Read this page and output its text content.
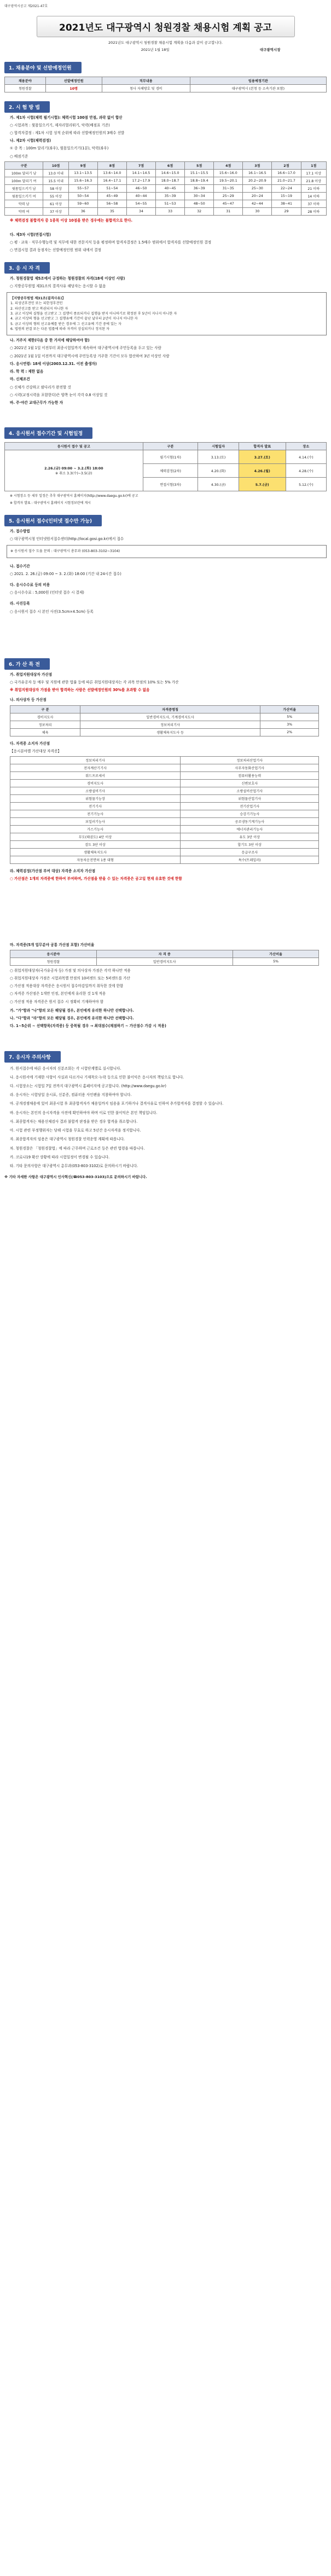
대구광역시공고 제2021-47호
2021년도 대구광역시 청원경찰 채용시험 계획 공고
2021년도 대구광역시 청원경찰 채용시험 계획을 다음과 같이 공고합니다.
2021년 1월 18일	대구광역시장
1. 채용분야 및 선발예정인원
채용분야	선발예정인원	직무내용	임용예정기관
청원경찰	10명	청사 자체방호 및 경비	대구광역시 (본청 등 소속기관 포함)
2. 시 험 방 법
가. 제1차 시험(체력 필기시험): 체력시험 100점 만점, 과락 없이 합산
○ 시험과목 : 윗몸일으키기, 제자리멀리뛰기, 악력(배점표 기준)
○ 합격자결정 : 제1차 시험 성적 순위에 따라 선발예정인원의 3배수 선발
나. 제2차 시험(체력검정)
① 종 목 : 100m 달리기(좌우), 윗몸일으키기(1분), 악력(좌우)
○ 배점기준
구분	10점	9점	8점	7점	6점	5점	4점	3점	2점	1점
100m 달리기 남	13.0 이내	13.1~13.5	13.6~14.0	14.1~14.5	14.6~15.0	15.1~15.5	15.6~16.0	16.1~16.5	16.6~17.0	17.1 이상
100m 달리기 여	15.5 이내	15.6~16.3	16.4~17.1	17.2~17.9	18.0~18.7	18.8~19.4	19.5~20.1	20.2~20.9	21.0~21.7	21.8 이상
윗몸일으키기 남	58 이상	55~57	51~54	46~50	40~45	36~39	31~35	25~30	22~24	21 이하
윗몸일으키기 여	55 이상	50~54	45~49	40~44	35~39	30~34	25~29	20~24	15~19	14 이하
악력 남	61 이상	59~60	56~58	54~55	51~53	48~50	45~47	42~44	38~41	37 이하
악력 여	37 이상	36	35	34	33	32	31	30	29	28 이하
※ 체력검정 불합격자 중 1종목 이상 10점을 받은 경우에는 불합격으로 한다.
다. 제3차 시험(면접시험)
○ 평 · 교육 · 직무수행능력 및 직무에 대한 전문지식 등을 평정하며 합격자결정은 1.5배수 범위에서 합격자를 선발예정인원 결정
○ 면접시험 결과 동점자는 선발예정인원 범위 내에서 결정
3. 응 시 자 격
가. 청원경찰법 제5조에서 규정하는 청원경찰의 자격(18세 이상인 사람)
○ 지방공무원법 제31조의 결격사유 해당자는 응시할 수 없음
【지방공무원법 제31조(결격사유)】
1. 피성년후견인 또는 피한정후견인
2. 파산선고를 받고 복권되지 아니한 자
3. 금고 이상의 실형을 선고받고 그 집행이 종료되거나 집행을 받지 아니하기로 확정된 후 5년이 지나지 아니한 자
4. 금고 이상의 형을 선고받고 그 집행유예 기간이 끝난 날부터 2년이 지나지 아니한 자
5. 금고 이상의 형의 선고유예를 받은 경우에 그 선고유예 기간 중에 있는 자
6. 법원의 판결 또는 다른 법률에 따라 자격이 상실되거나 정지된 자
나. 거주지 제한(다음 중 한 가지에 해당하여야 함)
○ 2021년 1월 1일 이전부터 최종시험일까지 계속하여 대구광역시에 주민등록을 두고 있는 사람
○ 2021년 1월 1일 이전까지 대구광역시에 주민등록상 거주한 기간이 모두 합산하여 3년 이상인 사람
다. 응시연령: 18세 이상(2003.12.31. 이전 출생자)
라. 학 력 : 제한 없음
마. 신체조건
○ 신체가 건강하고 팔다리가 완전할 것
○ 시력(교정시력을 포함한다)은 양쪽 눈이 각각 0.8 이상일 것
바. 주·야간 교대근무가 가능한 자
4. 응시원서 접수기간 및 시험일정
응시원서 접수 및 공고	구분	시험일자	합격자 발표	장소

2.26.(금) 09:00 ~ 3.2.(화) 18:00
※ 취소 3.3(수)~3.5(금)	필기시험(1차)	3.13.(토)	3.27.(토)	4.14.(수)
	체력검정(2차)	4.20.(화)	4.26.(월)	4.28.(수)
	면접시험(3차)	4.30.(금)	5.7.(금)	5.12.(수)
※ 시험장소 등 세부 일정은 추후 대구광역시 홈페이지(http://www.daegu.go.kr)에 공고
※ 합격자 발표 : 대구광역시 홈페이지 시험정보란에 게시
5. 응시원서 접수(인터넷 접수만 가능)
가. 접수방법
○ 대구광역시청 인터넷원서접수센터(http://local.gosi.go.kr)에서 접수
※ 응시원서 접수 도움 문의 : 대구광역시 총무과 (053-803-3102~3104)
나. 접수기간
○ 2021. 2. 26.(금) 09:00 ~ 3. 2.(화) 18:00 (기간 내 24시간 접수)
다. 응시수수료 등의 비용
○ 응시수수료 : 5,000원 (인터넷 접수 시 결제)
라. 사진등록
○ 응시원서 접수 시 본인 사진(3.5cm×4.5cm) 등록
6. 가 산 특 전
가. 취업지원대상자 가산점
○ 국가유공자 등 예우 및 지원에 관한 법률 등에 따른 취업지원대상자는 각 과목 만점의 10% 또는 5% 가산
※ 취업지원대상자 가점을 받아 합격하는 사람은 선발예정인원의 30%를 초과할 수 없음
나. 의사상자 등 가산점
구 분	자격증명칭	가산비율
경비지도사	일반경비지도사, 기계경비지도사	5%
정보처리	정보처리기사	3%
체육	생활체육지도사 등	2%
다. 자격증 소지자 가산점
【응시분야별 가산대상 자격증】
정보처리기사	정보처리산업기사
전자계산기기사	사무자동화산업기사
워드프로세서	컴퓨터활용능력
경비지도사	신변보호사
소방설비기사	소방설비산업기사
위험물기능장	위험물산업기사
전기기사	전기산업기사
전기기능사	승강기기능사
보일러기능사	공조냉동기계기능사
가스기능사	에너지관리기능사
무도(태권도) 4단 이상	유도 3단 이상
검도 3단 이상	합기도 3단 이상
생활체육지도사	응급구조사
자동차운전면허 1종 대형	특수(트레일러)
라. 체력검정(가산점 부여 대상) 자격증 소지자 가산점
○ 가산점은 1개의 자격증에 한하여 부여하며, 가산점을 받을 수 있는 자격증은 공고일 현재 유효한 것에 한함
마. 자격증(5개 업무분야 공통 가산점 포함) 가산비율
응시분야	자 격 증	가산비율
청원경찰	일반경비지도사	5%
○ 취업지원대상자(국가유공자 등) 가점 및 의사상자 가점은 각각 하나만 적용
○ 취업지원대상자 가점은 시험과목별 만점의 10퍼센트 또는 5퍼센트를 가산
○ 가산점 적용대상 자격증은 응시원서 접수마감일까지 취득한 것에 한함
○ 자격증 가산점은 1개만 인정, 본인에게 유리한 것 1개 적용
○ 가산점 적용 자격증은 원서 접수 시 정확히 기재하여야 함
가. "가"항과 "나"항의 모든 해당될 경우, 본인에게 유리한 하나만 선택합니다.
나. "다"항과 "라"항의 모든 해당될 경우, 본인에게 유리한 하나만 선택합니다.
다. 1~5순위 ~ 선택항목(자격증) 등 중복될 경우 → 최대점수(채점하기 ~ 가산점수 가감 시 적용)
7. 응시자 주의사항
가. 원서접수에 따른 응시자의 신분조회는 각 시험단계별로 실시합니다.
나. 응시원서에 기재한 사항이 사실과 다르거나 기재착오·누락 등으로 인한 불이익은 응시자의 책임으로 합니다.
다. 시험장소는 시험일 7일 전까지 대구광역시 홈페이지에 공고합니다. (http://www.daegu.go.kr)
라. 응시자는 시험당일 응시표, 신분증, 컴퓨터용 사인펜을 지참하여야 합니다.
마. 공개경쟁채용에 있어 최종시험 후 최종합격자가 채용일까지 임용을 포기하거나 결격사유로 인하여 추가합격자를 결정할 수 있습니다.
바. 응시자는 본인의 응시자격을 사전에 확인하여야 하며 이로 인한 불이익은 본인 책임입니다.
사. 최종합격자는 채용신체검사 결과 불합격 판정을 받은 경우 합격을 취소합니다.
아. 시험 관련 부정행위자는 당해 시험을 무효로 하고 5년간 응시자격을 정지합니다.
자. 최종합격자의 임용은 대구광역시 청원경찰 인력운영 계획에 따릅니다.
차. 청원경찰은 「청원경찰법」에 따라 근무하며 근로조건 등은 관련 법령을 따릅니다.
카. 코로나19 확산 상황에 따라 시험일정이 변경될 수 있습니다.
타. 기타 문의사항은 대구광역시 총무과(053-803-3102)로 문의하시기 바랍니다.
※ 기타 자세한 사항은 대구광역시 인사혁신(☎053-803-3103)으로 문의하시기 바랍니다.
